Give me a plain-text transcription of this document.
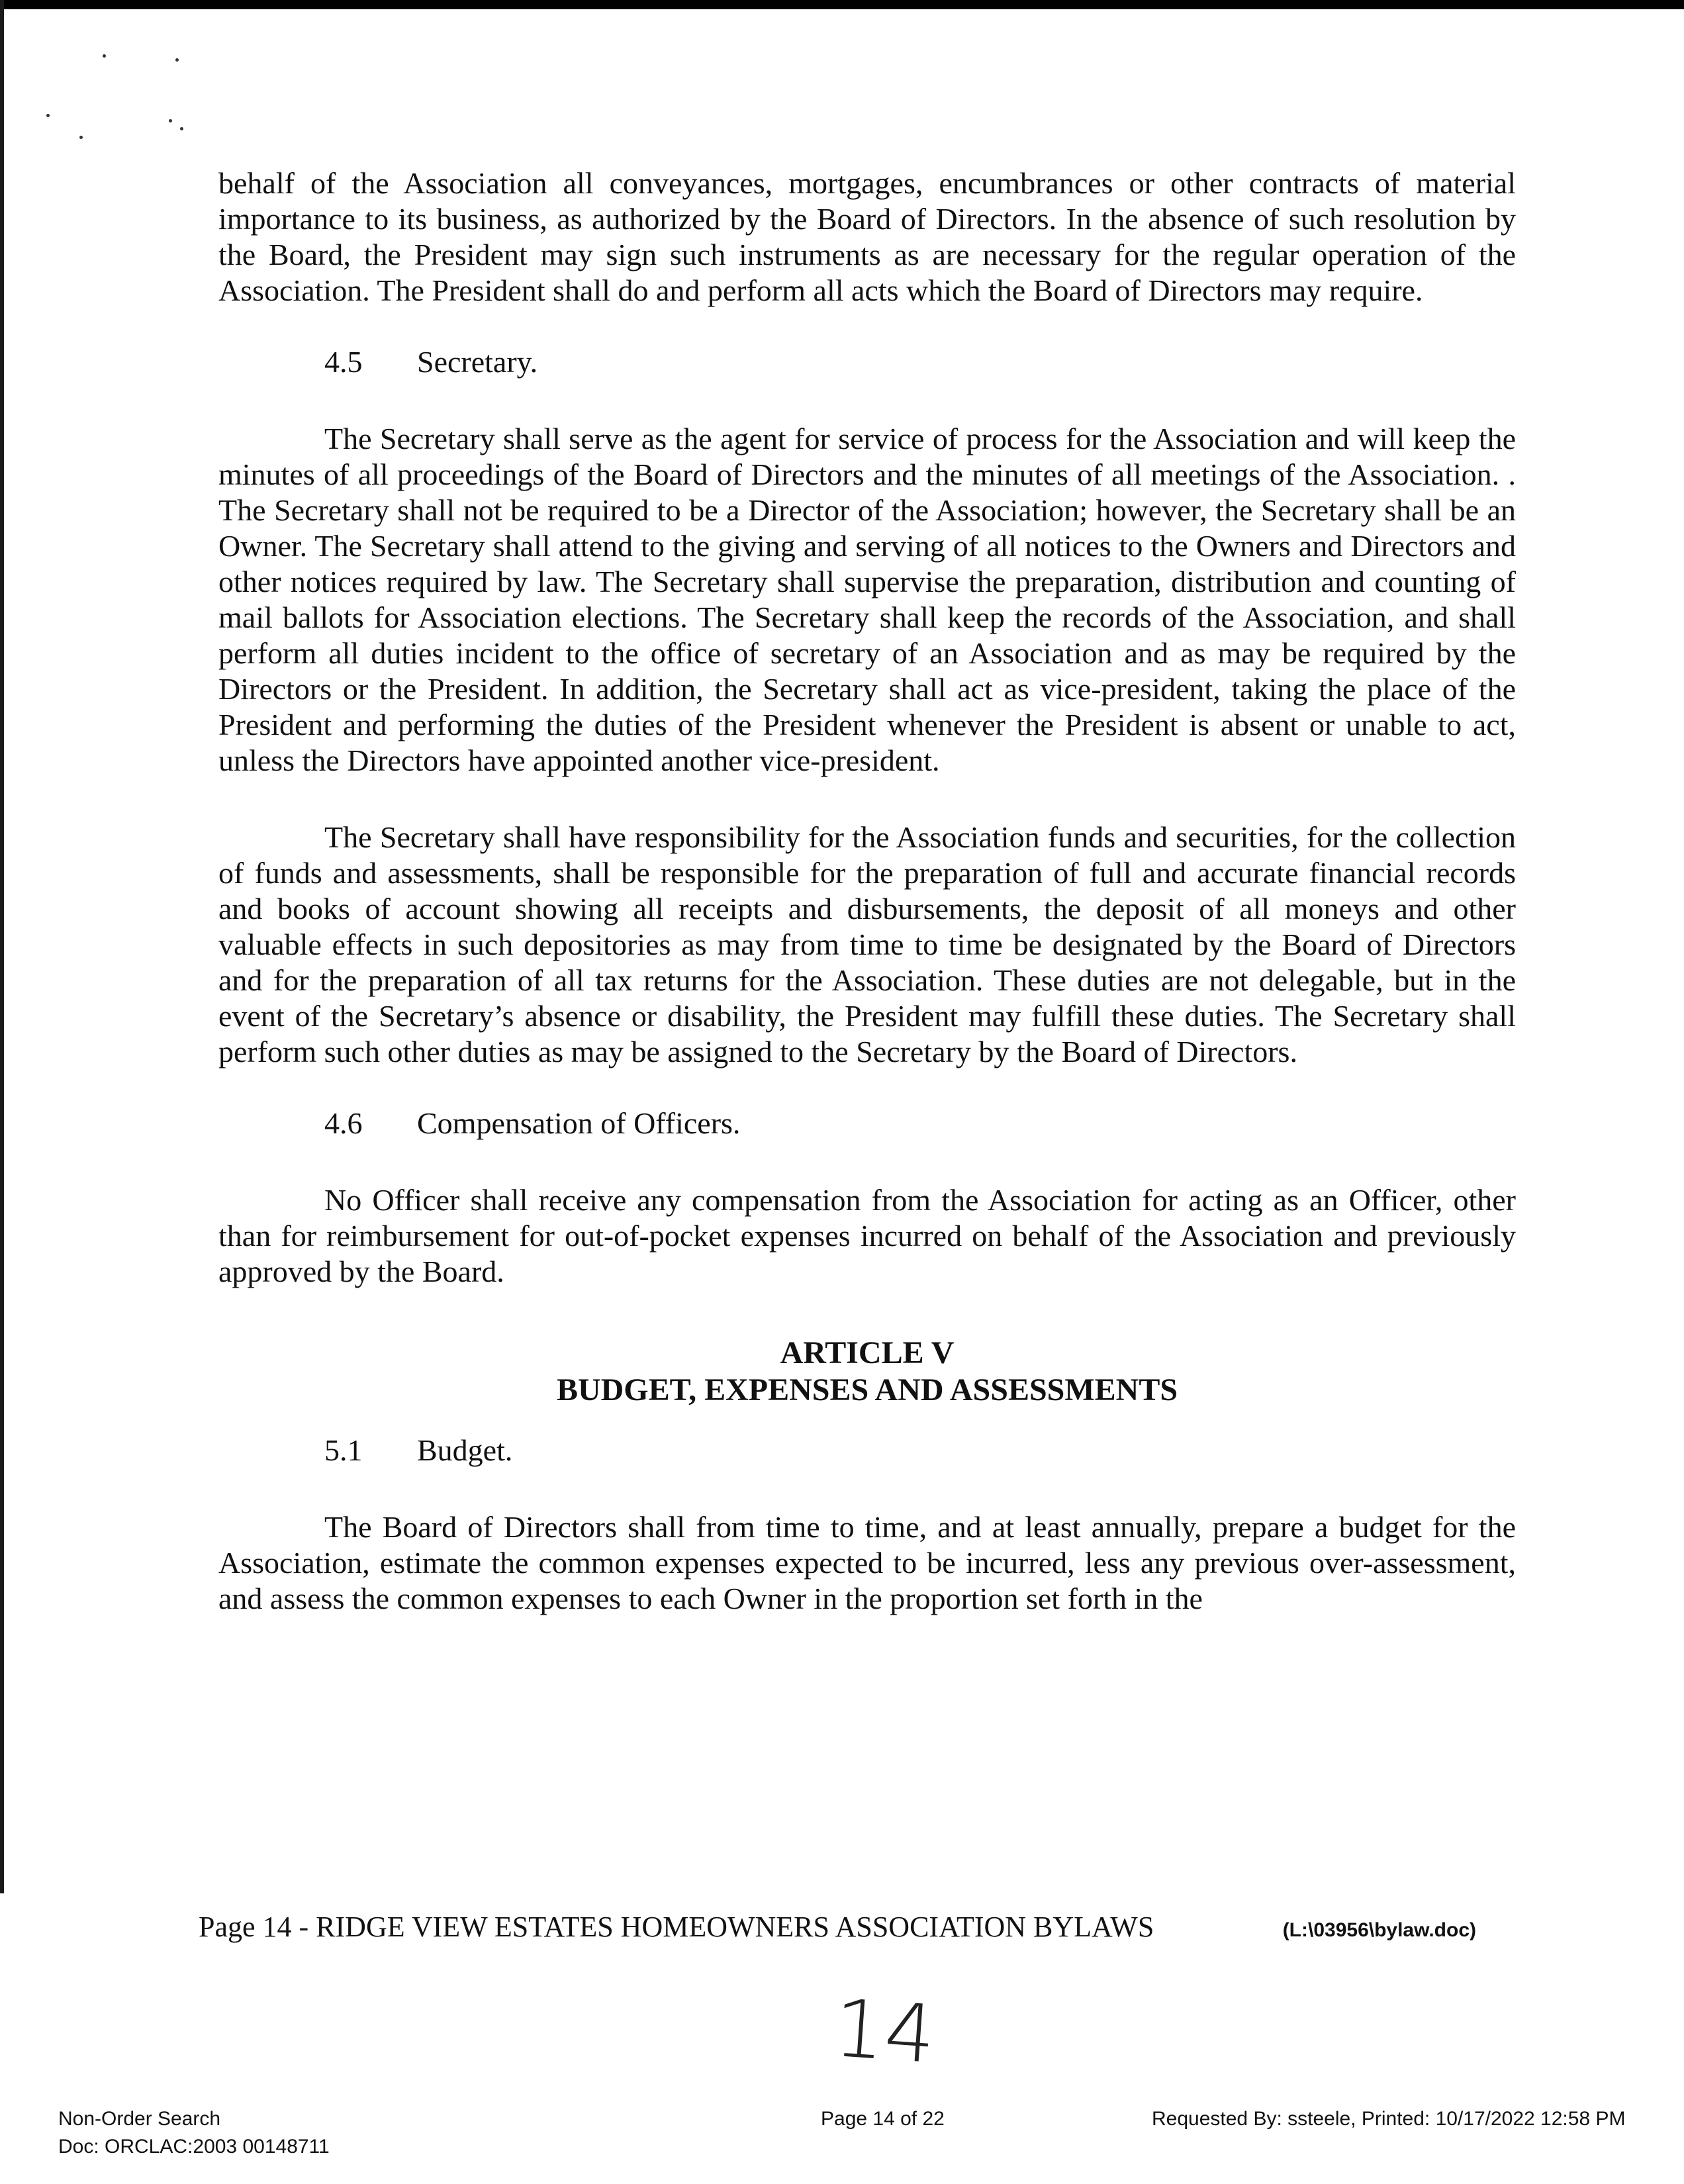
behalf of the Association all conveyances, mortgages, encumbrances or other contracts of material importance to its business, as authorized by the Board of Directors. In the absence of such resolution by the Board, the President may sign such instruments as are necessary for the regular operation of the Association. The President shall do and perform all acts which the Board of Directors may require.

4.5	Secretary.

The Secretary shall serve as the agent for service of process for the Association and will keep the minutes of all proceedings of the Board of Directors and the minutes of all meetings of the Association. . The Secretary shall not be required to be a Director of the Association; however, the Secretary shall be an Owner. The Secretary shall attend to the giving and serving of all notices to the Owners and Directors and other notices required by law. The Secretary shall supervise the preparation, distribution and counting of mail ballots for Association elections. The Secretary shall keep the records of the Association, and shall perform all duties incident to the office of secretary of an Association and as may be required by the Directors or the President. In addition, the Secretary shall act as vice-president, taking the place of the President and performing the duties of the President whenever the President is absent or unable to act, unless the Directors have appointed another vice-president.

The Secretary shall have responsibility for the Association funds and securities, for the collection of funds and assessments, shall be responsible for the preparation of full and accurate financial records and books of account showing all receipts and disbursements, the deposit of all moneys and other valuable effects in such depositories as may from time to time be designated by the Board of Directors and for the preparation of all tax returns for the Association. These duties are not delegable, but in the event of the Secretary’s absence or disability, the President may fulfill these duties. The Secretary shall perform such other duties as may be assigned to the Secretary by the Board of Directors.

4.6	Compensation of Officers.

No Officer shall receive any compensation from the Association for acting as an Officer, other than for reimbursement for out-of-pocket expenses incurred on behalf of the Association and previously approved by the Board.

ARTICLE V

BUDGET, EXPENSES AND ASSESSMENTS

5.1	Budget.

The Board of Directors shall from time to time, and at least annually, prepare a budget for the Association, estimate the common expenses expected to be incurred, less any previous over-assessment, and assess the common expenses to each Owner in the proportion set forth in the

Page 14 - RIDGE VIEW ESTATES HOMEOWNERS ASSOCIATION BYLAWS	(L:\03956\bylaw.doc)
14
Non-Order Search
Doc: ORCLAC:2003 00148711
Page 14 of 22	Requested By: ssteele, Printed: 10/17/2022 12:58 PM
